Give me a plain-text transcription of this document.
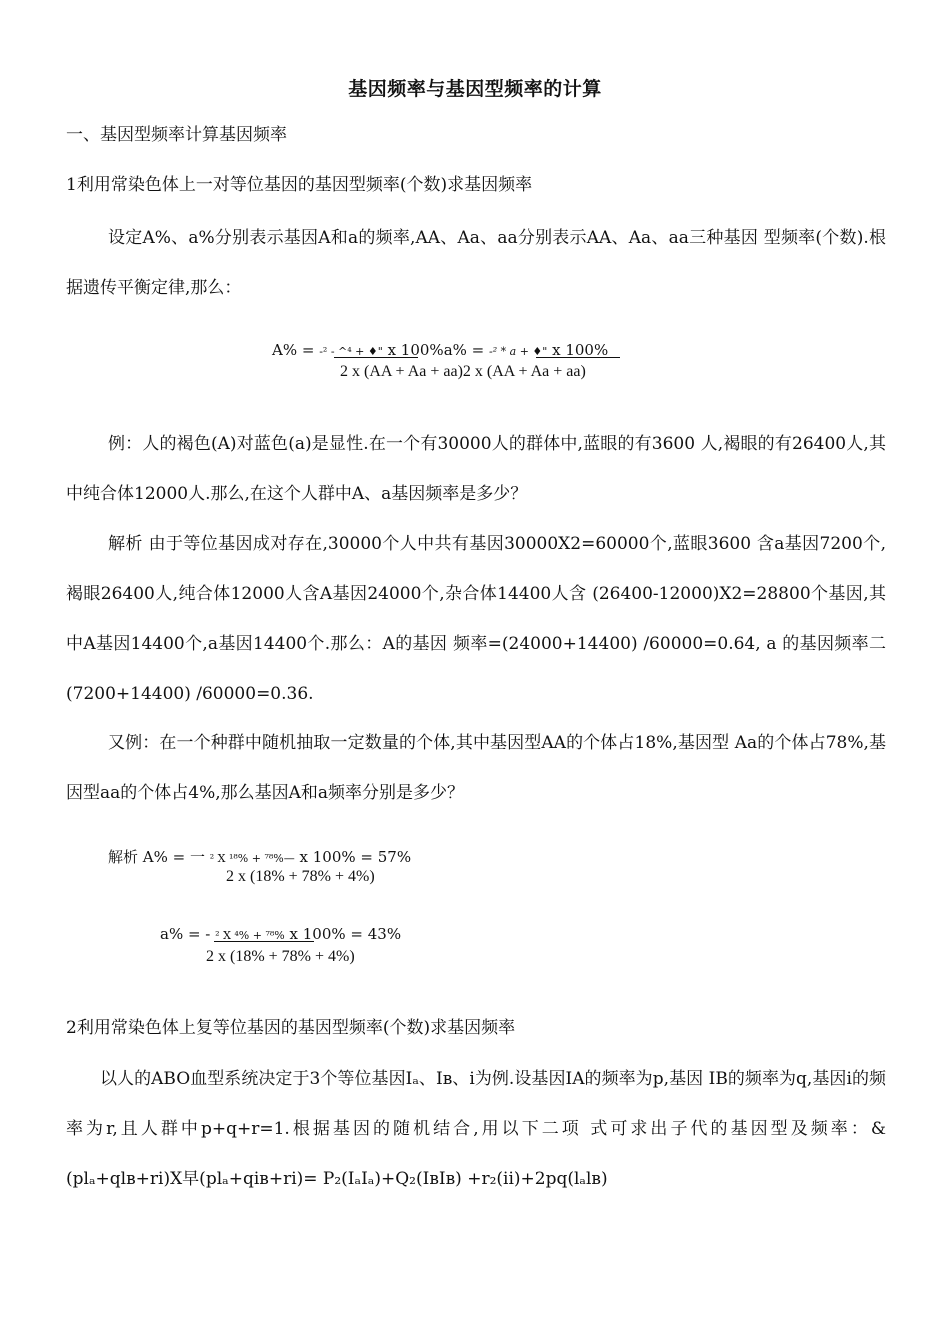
基因频率与基因型频率的计算
一、基因型频率计算基因频率
1利用常染色体上一对等位基因的基因型频率(个数)求基因频率
设定A%、a%分别表示基因A和a的频率,AA、Aa、aa分别表示AA、Aa、aa三种基因 型频率(个数).根据遗传平衡定律,那么：
A% = -² - ^⁴ + ♦" x 100%a% = -² * a + ♦" x 100%
2 x (AA + Aa + aa)2 x (AA + Aa + aa)
例：人的褐色(A)对蓝色(a)是显性.在一个有30000人的群体中,蓝眼的有3600 人,褐眼的有26400人,其中纯合体12000人.那么,在这个人群中A、a基因频率是多少？
解析 由于等位基因成对存在,30000个人中共有基因30000X2=60000个,蓝眼3600 含a基因7200个,褐眼26400人,纯合体12000人含A基因24000个,杂合体14400人含 (26400-12000)X2=28800个基因,其中A基因14400个,a基因14400个.那么：A的基因 频率=(24000+14400) /60000=0.64, a 的基因频率二(7200+14400) /60000=0.36.
又例：在一个种群中随机抽取一定数量的个体,其中基因型AA的个体占18%,基因型 Aa的个体占78%,基因型aa的个体占4%,那么基因A和a频率分别是多少？
解析 A% = 一 ² X ¹⁸% + ⁷⁸%— x 100% = 57%
2 x (18% + 78% + 4%)
a% = - ² X ⁴% + ⁷⁸% x 100% = 43%
2 x (18% + 78% + 4%)
2利用常染色体上复等位基因的基因型频率(个数)求基因频率
以人的ABO血型系统决定于3个等位基因Iₐ、Iʙ、i为例.设基因IA的频率为p,基因 IB的频率为q,基因i的频率为r,且人群中p+q+r=1.根据基因的随机结合,用以下二项 式可求出子代的基因型及频率：&(plₐ+qlʙ+ri)X早(plₐ+qiʙ+ri)= P₂(IₐIₐ)+Q₂(IʙIʙ) +r₂(ii)+2pq(lₐlʙ)
